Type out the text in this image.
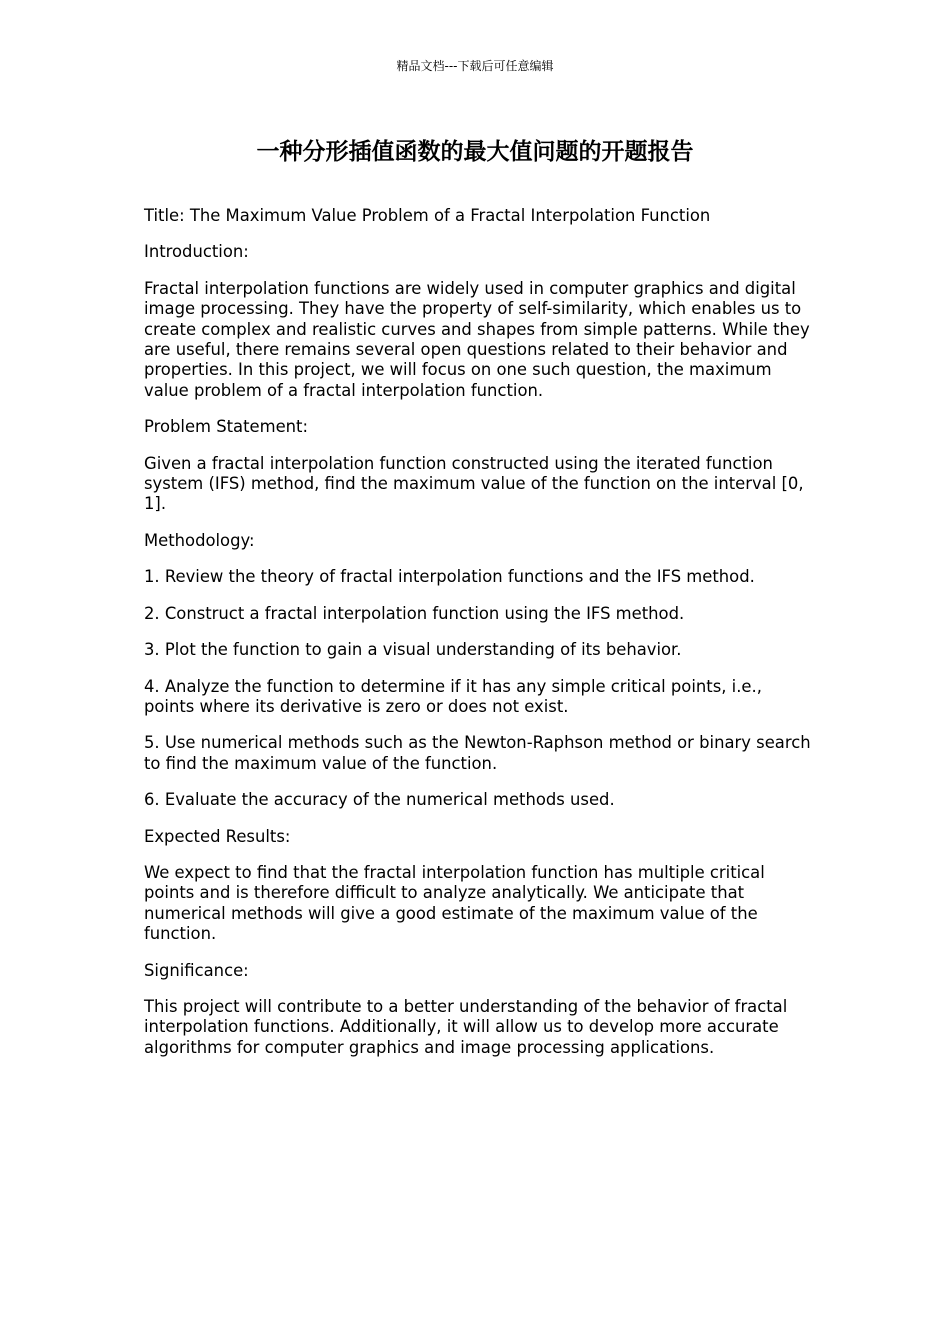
精品文档---下载后可任意编辑
一种分形插值函数的最大值问题的开题报告

Title: The Maximum Value Problem of a Fractal Interpolation Function

Introduction:

Fractal interpolation functions are widely used in computer graphics and digital image processing. They have the property of self-similarity, which enables us to create complex and realistic curves and shapes from simple patterns. While they are useful, there remains several open questions related to their behavior and properties. In this project, we will focus on one such question, the maximum value problem of a fractal interpolation function.

Problem Statement:

Given a fractal interpolation function constructed using the iterated function system (IFS) method, find the maximum value of the function on the interval [0, 1].

Methodology:

1. Review the theory of fractal interpolation functions and the IFS method.

2. Construct a fractal interpolation function using the IFS method.

3. Plot the function to gain a visual understanding of its behavior.

4. Analyze the function to determine if it has any simple critical points, i.e., points where its derivative is zero or does not exist.

5. Use numerical methods such as the Newton-Raphson method or binary search to find the maximum value of the function.

6. Evaluate the accuracy of the numerical methods used.

Expected Results:

We expect to find that the fractal interpolation function has multiple critical points and is therefore difficult to analyze analytically. We anticipate that numerical methods will give a good estimate of the maximum value of the function.

Significance:

This project will contribute to a better understanding of the behavior of fractal interpolation functions. Additionally, it will allow us to develop more accurate algorithms for computer graphics and image processing applications.
